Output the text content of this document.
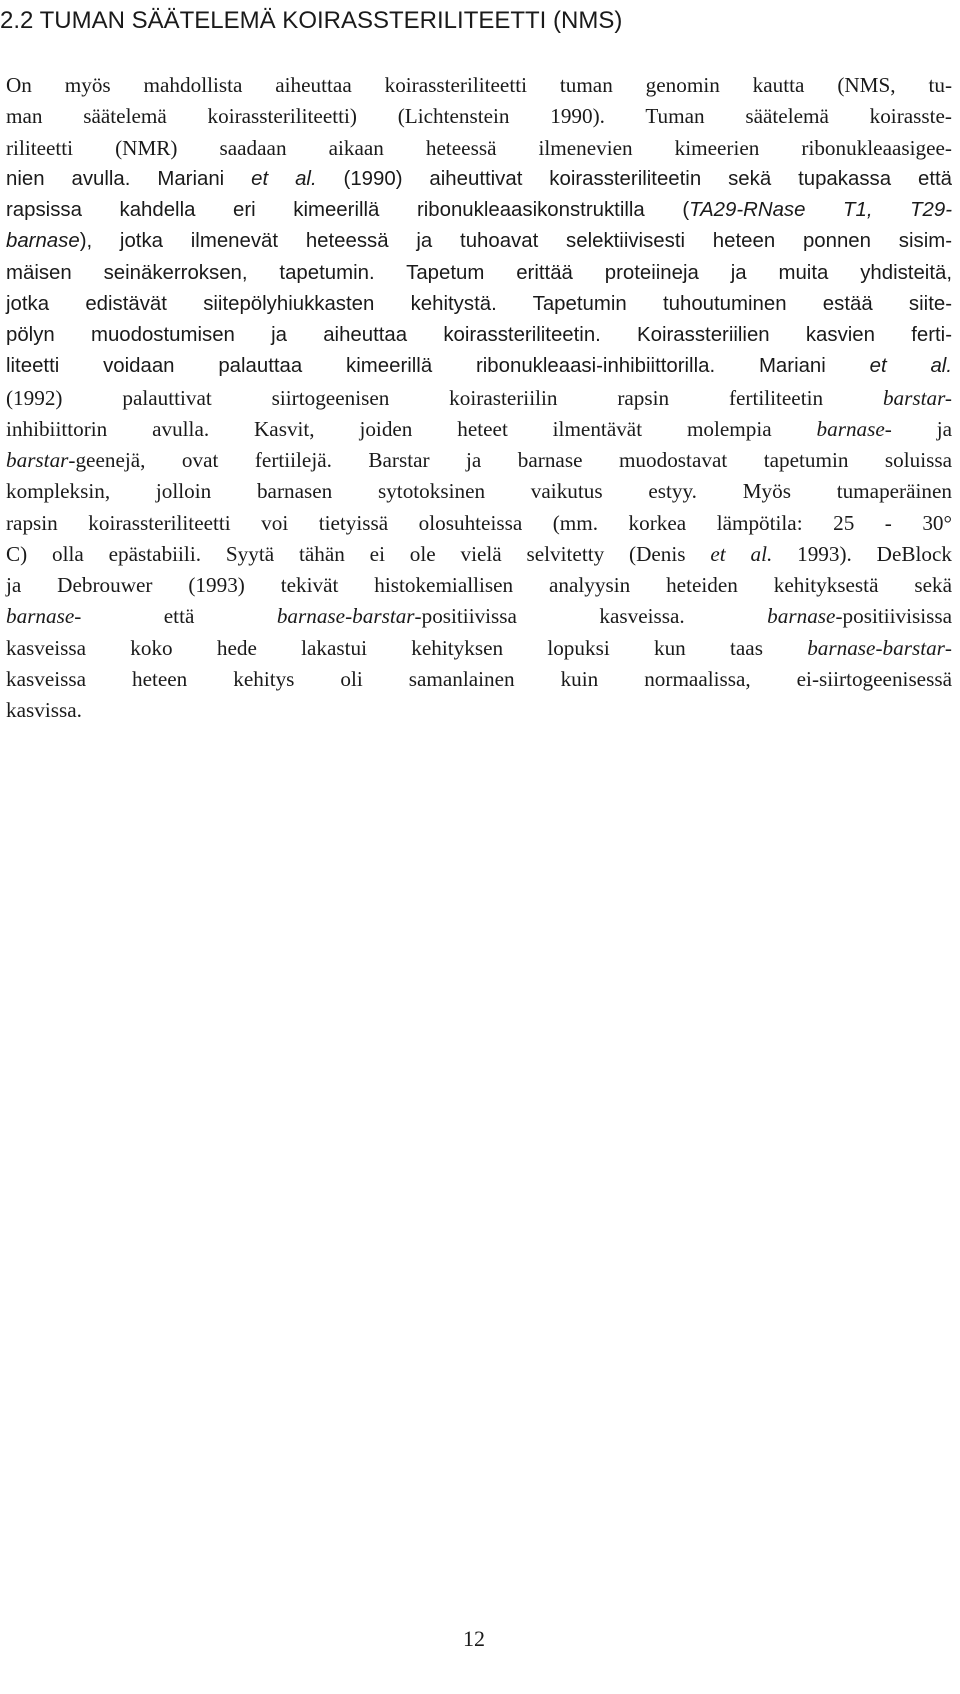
2.2 TUMAN SÄÄTELEMÄ KOIRASSTERILITEETTI (NMS)
On myös mahdollista aiheuttaa koirassteriliteetti tuman genomin kautta (NMS, tu-
man säätelemä koirassteriliteetti) (Lichtenstein 1990). Tuman säätelemä koirasste-
riliteetti (NMR) saadaan aikaan heteessä ilmenevien kimeerien ribonukleaasigee-
nien avulla. Mariani et al. (1990) aiheuttivat koirassteriliteetin sekä tupakassa että
rapsissa kahdella eri kimeerillä ribonukleaasikonstruktilla (TA29-RNase T1, T29-
barnase), jotka ilmenevät heteessä ja tuhoavat selektiivisesti heteen ponnen sisim-
mäisen seinäkerroksen, tapetumin. Tapetum erittää proteiineja ja muita yhdisteitä,
jotka edistävät siitepölyhiukkasten kehitystä. Tapetumin tuhoutuminen estää siite-
pölyn muodostumisen ja aiheuttaa koirassteriliteetin. Koirassteriilien kasvien ferti-
liteetti voidaan palauttaa kimeerillä ribonukleaasi-inhibiittorilla. Mariani et al.
(1992) palauttivat siirtogeenisen koirasteriilin rapsin fertiliteetin barstar-
inhibiittorin avulla. Kasvit, joiden heteet ilmentävät molempia barnase- ja
barstar-geenejä, ovat fertiilejä. Barstar ja barnase muodostavat tapetumin soluissa
kompleksin, jolloin barnasen sytotoksinen vaikutus estyy. Myös tumaperäinen
rapsin koirassteriliteetti voi tietyissä olosuhteissa (mm. korkea lämpötila: 25 - 30°
C) olla epästabiili. Syytä tähän ei ole vielä selvitetty (Denis et al. 1993). DeBlock
ja Debrouwer (1993) tekivät histokemiallisen analyysin heteiden kehityksestä sekä
barnase- että barnase-barstar-positiivissa kasveissa. barnase-positiivisissa
kasveissa koko hede lakastui kehityksen lopuksi kun taas barnase-barstar-
kasveissa heteen kehitys oli samanlainen kuin normaalissa, ei-siirtogeenisessä
kasvissa.
12
